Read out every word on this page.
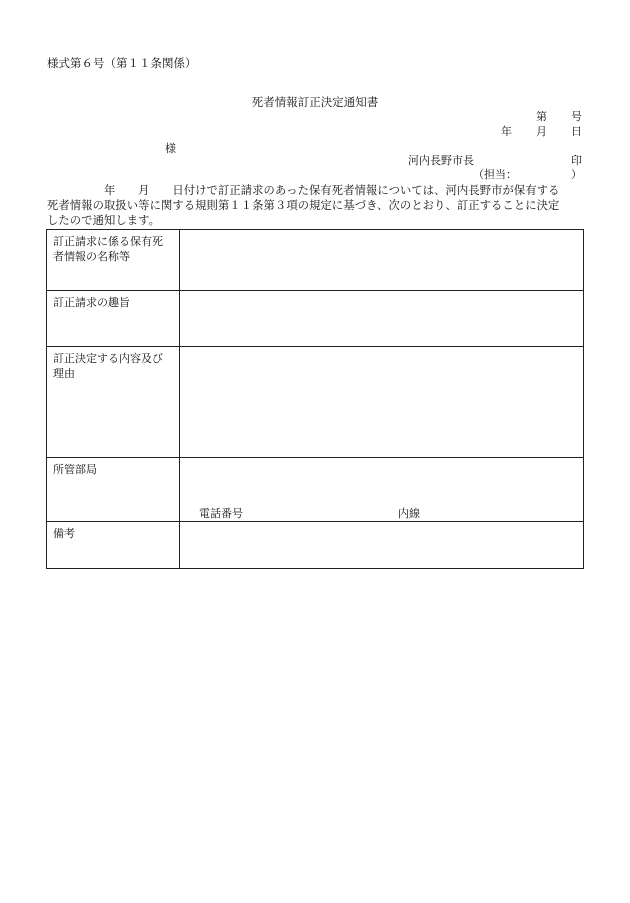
様式第６号（第１１条関係）
死者情報訂正決定通知書
第 号
年 月 日
様
河内長野市長	印
（担当：	）
　　　　　年　　月　　日付けで訂正請求のあった保有死者情報については、河内長野市が保有する
死者情報の取扱い等に関する規則第１１条第３項の規定に基づき、次のとおり、訂正することに決定
したので通知します。
訂正請求に係る保有死者情報の名称等	
訂正請求の趣旨	
訂正決定する内容及び理由	
所管部局	電話番号 内線

備考	
